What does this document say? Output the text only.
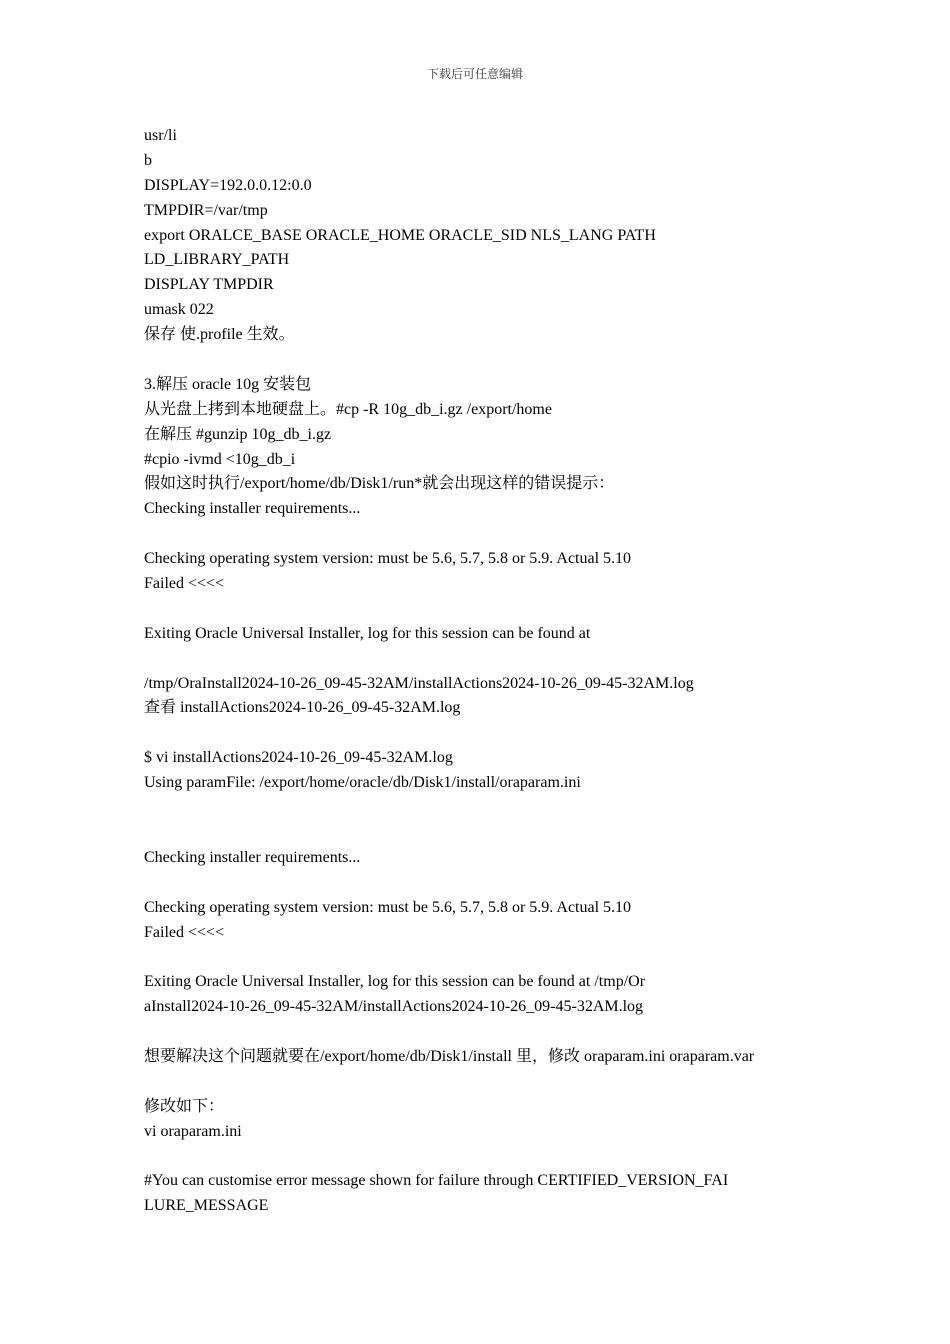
下载后可任意编辑
usr/li
b
DISPLAY=192.0.0.12:0.0
TMPDIR=/var/tmp
export ORALCE_BASE ORACLE_HOME ORACLE_SID NLS_LANG PATH
LD_LIBRARY_PATH
DISPLAY TMPDIR
umask 022
保存 使.profile 生效。
3.解压 oracle 10g 安装包
从光盘上拷到本地硬盘上。#cp -R 10g_db_i.gz /export/home
在解压 #gunzip 10g_db_i.gz
#cpio -ivmd <10g_db_i
假如这时执行/export/home/db/Disk1/run*就会出现这样的错误提示：
Checking installer requirements...
Checking operating system version: must be 5.6, 5.7, 5.8 or 5.9. Actual 5.10
Failed <<<<
Exiting Oracle Universal Installer, log for this session can be found at
/tmp/OraInstall2024-10-26_09-45-32AM/installActions2024-10-26_09-45-32AM.log
查看 installActions2024-10-26_09-45-32AM.log
$ vi installActions2024-10-26_09-45-32AM.log
Using paramFile: /export/home/oracle/db/Disk1/install/oraparam.ini
Checking installer requirements...
Checking operating system version: must be 5.6, 5.7, 5.8 or 5.9. Actual 5.10
Failed <<<<
Exiting Oracle Universal Installer, log for this session can be found at /tmp/Or
aInstall2024-10-26_09-45-32AM/installActions2024-10-26_09-45-32AM.log
想要解决这个问题就要在/export/home/db/Disk1/install 里，修改 oraparam.ini oraparam.var
修改如下：
vi oraparam.ini
#You can customise error message shown for failure through CERTIFIED_VERSION_FAI
LURE_MESSAGE
